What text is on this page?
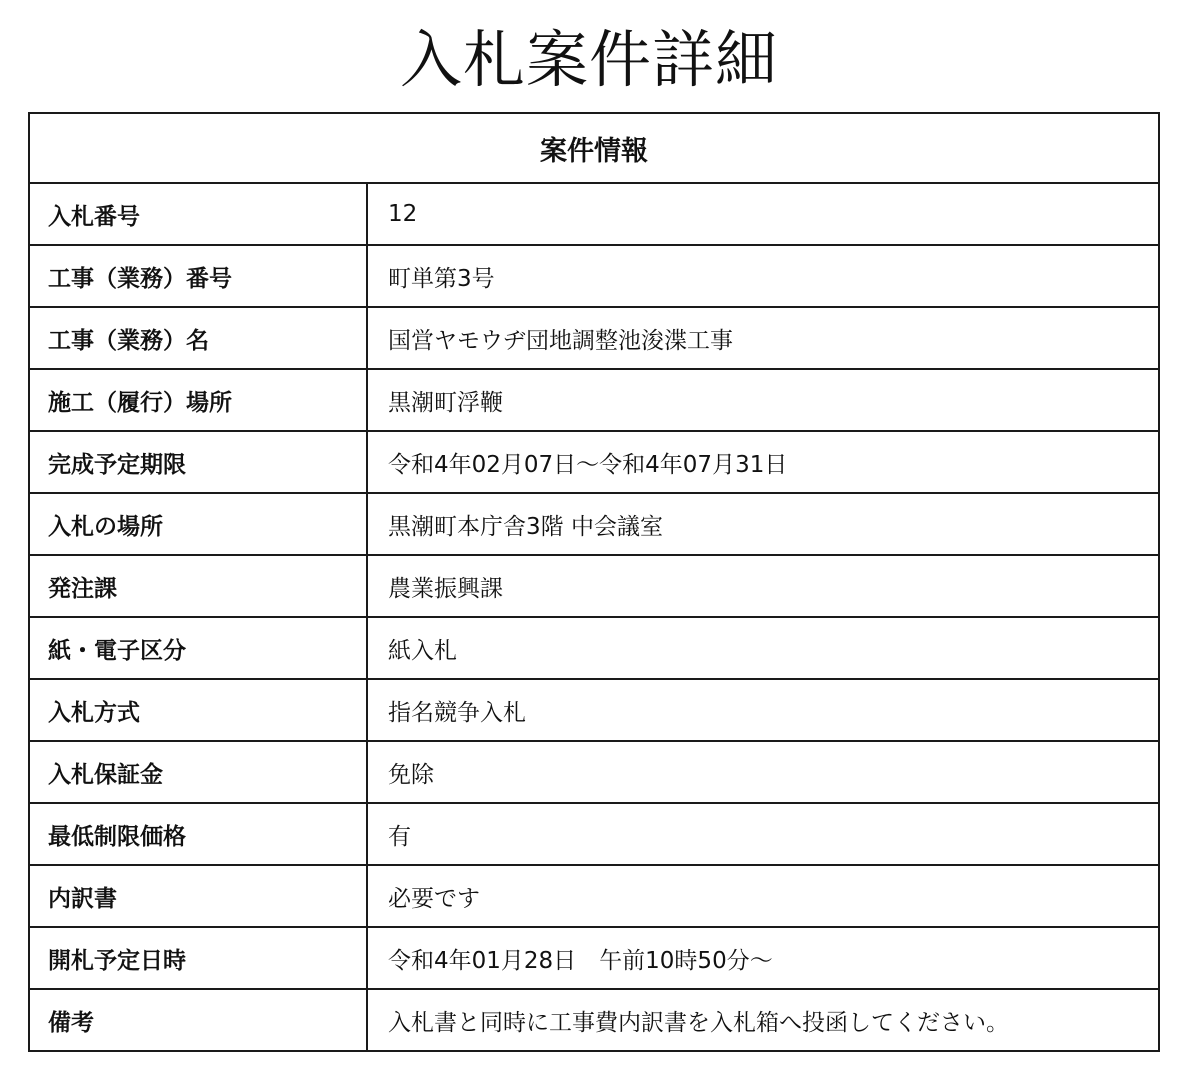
入札案件詳細
案件情報	
入札番号	12
工事（業務）番号	町単第3号
工事（業務）名	国営ヤモウヂ団地調整池浚渫工事
施工（履行）場所	黒潮町浮鞭
完成予定期限	令和4年02月07日～令和4年07月31日
入札の場所	黒潮町本庁舎3階 中会議室
発注課	農業振興課
紙・電子区分	紙入札
入札方式	指名競争入札
入札保証金	免除
最低制限価格	有
内訳書	必要です
開札予定日時	令和4年01月28日　午前10時50分～
備考	入札書と同時に工事費内訳書を入札箱へ投函してください。
